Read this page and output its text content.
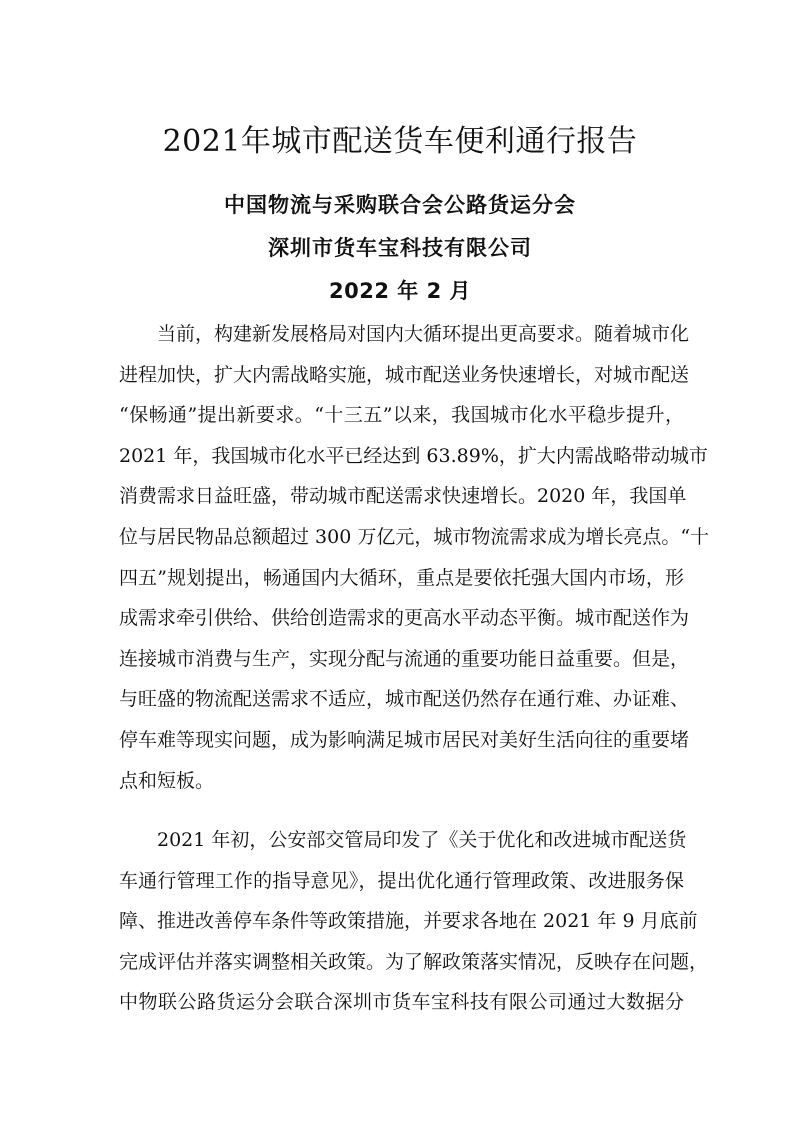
2021年城市配送货车便利通行报告

中国物流与采购联合会公路货运分会

深圳市货车宝科技有限公司

2022 年 2 月

当前，构建新发展格局对国内大循环提出更高要求。随着城市化
进程加快，扩大内需战略实施，城市配送业务快速增长，对城市配送
“保畅通”提出新要求。“十三五”以来，我国城市化水平稳步提升，
2021 年，我国城市化水平已经达到 63.89%，扩大内需战略带动城市
消费需求日益旺盛，带动城市配送需求快速增长。2020 年，我国单
位与居民物品总额超过 300 万亿元，城市物流需求成为增长亮点。“十
四五”规划提出，畅通国内大循环，重点是要依托强大国内市场，形
成需求牵引供给、供给创造需求的更高水平动态平衡。城市配送作为
连接城市消费与生产，实现分配与流通的重要功能日益重要。但是，
与旺盛的物流配送需求不适应，城市配送仍然存在通行难、办证难、
停车难等现实问题，成为影响满足城市居民对美好生活向往的重要堵
点和短板。
2021 年初，公安部交管局印发了《关于优化和改进城市配送货
车通行管理工作的指导意见》，提出优化通行管理政策、改进服务保
障、推进改善停车条件等政策措施，并要求各地在 2021 年 9 月底前
完成评估并落实调整相关政策。为了解政策落实情况，反映存在问题，
中物联公路货运分会联合深圳市货车宝科技有限公司通过大数据分
